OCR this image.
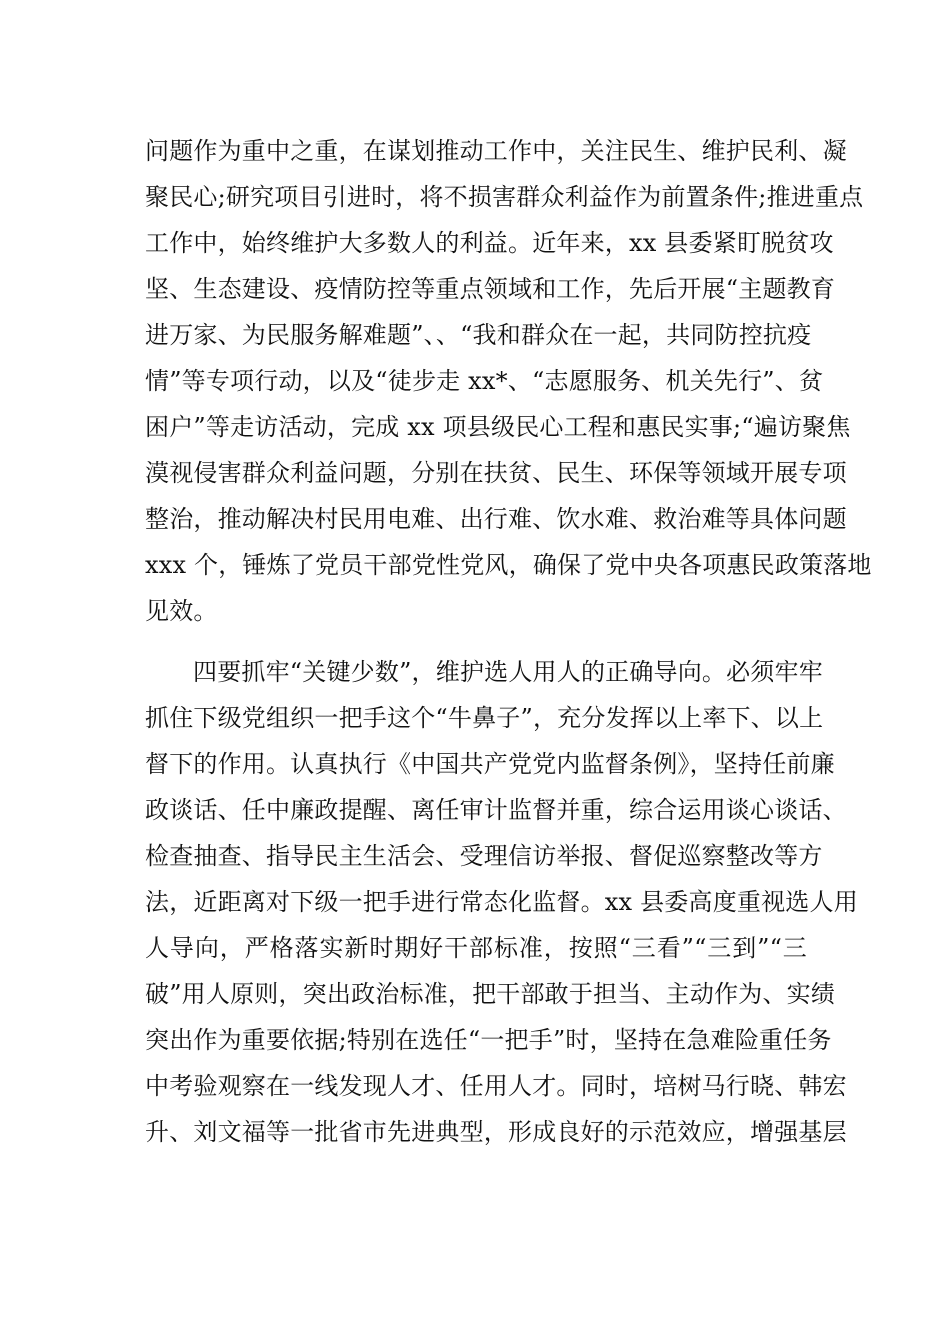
问题作为重中之重，在谋划推动工作中，关注民生、维护民利、凝
聚民心;研究项目引进时，将不损害群众利益作为前置条件;推进重点
工作中，始终维护大多数人的利益。近年来，xx 县委紧盯脱贫攻
坚、生态建设、疫情防控等重点领域和工作，先后开展“主题教育
进万家、为民服务解难题”、、“我和群众在一起，共同防控抗疫
情”等专项行动，以及“徒步走 xx*、“志愿服务、机关先行”、贫
困户”等走访活动，完成 xx 项县级民心工程和惠民实事;“遍访聚焦
漠视侵害群众利益问题，分别在扶贫、民生、环保等领域开展专项
整治，推动解决村民用电难、出行难、饮水难、救治难等具体问题
xxx 个，锤炼了党员干部党性党风，确保了党中央各项惠民政策落地
见效。
四要抓牢“关键少数”，维护选人用人的正确导向。必须牢牢
抓住下级党组织一把手这个“牛鼻子”，充分发挥以上率下、以上
督下的作用。认真执行《中国共产党党内监督条例》，坚持任前廉
政谈话、任中廉政提醒、离任审计监督并重，综合运用谈心谈话、
检查抽查、指导民主生活会、受理信访举报、督促巡察整改等方
法，近距离对下级一把手进行常态化监督。xx 县委高度重视选人用
人导向，严格落实新时期好干部标准，按照“三看”“三到”“三
破”用人原则，突出政治标准，把干部敢于担当、主动作为、实绩
突出作为重要依据;特别在选任“一把手”时，坚持在急难险重任务
中考验观察在一线发现人才、任用人才。同时，培树马行晓、韩宏
升、刘文福等一批省市先进典型，形成良好的示范效应，增强基层
